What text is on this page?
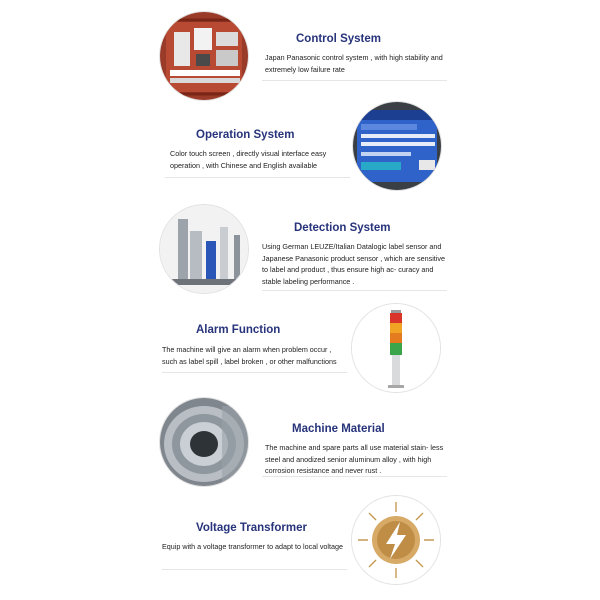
Control System
Japan Panasonic control system , with high stability and extremely low failure rate
Operation System
Color touch screen , directly visual interface easy operation , with Chinese and English available
Detection System
Using German LEUZE/Italian Datalogic label sensor and Japanese Panasonic product sensor , which are sensitive to label and product , thus ensure high ac- curacy and stable labeling performance .
Alarm Function
The machine will give an alarm when problem occur , such as label spill , label broken , or other malfunctions
Machine Material
The machine and spare parts all use material stain- less steel and anodized senior aluminum alloy , with high corrosion resistance and never rust .
Voltage Transformer
Equip with a voltage transformer to adapt to local voltage
